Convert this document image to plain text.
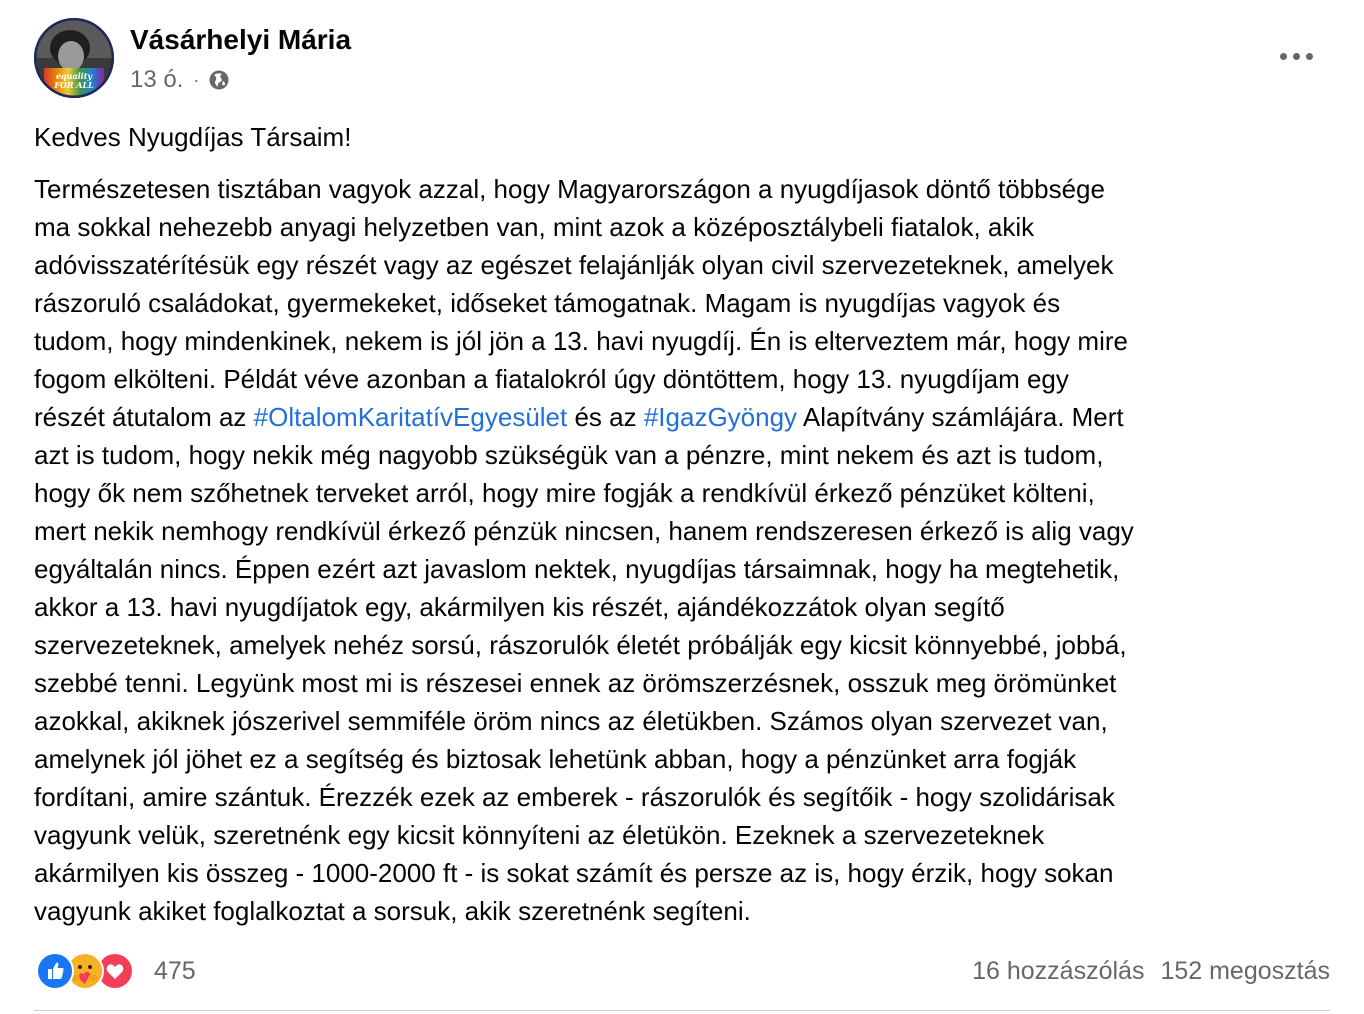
equality FOR ALL
Vásárhelyi Mária
13 ó. ·
Kedves Nyugdíjas Társaim!
Természetesen tisztában vagyok azzal, hogy Magyarországon a nyugdíjasok döntő többsége
ma sokkal nehezebb anyagi helyzetben van, mint azok a középosztálybeli fiatalok, akik
adóvisszatérítésük egy részét vagy az egészet felajánlják olyan civil szervezeteknek, amelyek
rászoruló családokat, gyermekeket, időseket támogatnak. Magam is nyugdíjas vagyok és
tudom, hogy mindenkinek, nekem is jól jön a 13. havi nyugdíj. Én is elterveztem már, hogy mire
fogom elkölteni. Példát véve azonban a fiatalokról úgy döntöttem, hogy 13. nyugdíjam egy
részét átutalom az #OltalomKaritatívEgyesület és az #IgazGyöngy Alapítvány számlájára. Mert
azt is tudom, hogy nekik még nagyobb szükségük van a pénzre, mint nekem és azt is tudom,
hogy ők nem szőhetnek terveket arról, hogy mire fogják a rendkívül érkező pénzüket költeni,
mert nekik nemhogy rendkívül érkező pénzük nincsen, hanem rendszeresen érkező is alig vagy
egyáltalán nincs. Éppen ezért azt javaslom nektek, nyugdíjas társaimnak, hogy ha megtehetik,
akkor a 13. havi nyugdíjatok egy, akármilyen kis részét, ajándékozzátok olyan segítő
szervezeteknek, amelyek nehéz sorsú, rászorulók életét próbálják egy kicsit könnyebbé, jobbá,
szebbé tenni. Legyünk most mi is részesei ennek az örömszerzésnek, osszuk meg örömünket
azokkal, akiknek jószerivel semmiféle öröm nincs az életükben. Számos olyan szervezet van,
amelynek jól jöhet ez a segítség és biztosak lehetünk abban, hogy a pénzünket arra fogják
fordítani, amire szántuk. Érezzék ezek az emberek - rászorulók és segítőik - hogy szolidárisak
vagyunk velük, szeretnénk egy kicsit könnyíteni az életükön. Ezeknek a szervezeteknek
akármilyen kis összeg - 1000-2000 ft - is sokat számít és persze az is, hogy érzik, hogy sokan
vagyunk akiket foglalkoztat a sorsuk, akik szeretnénk segíteni.
475	16 hozzászólás 152 megosztás
